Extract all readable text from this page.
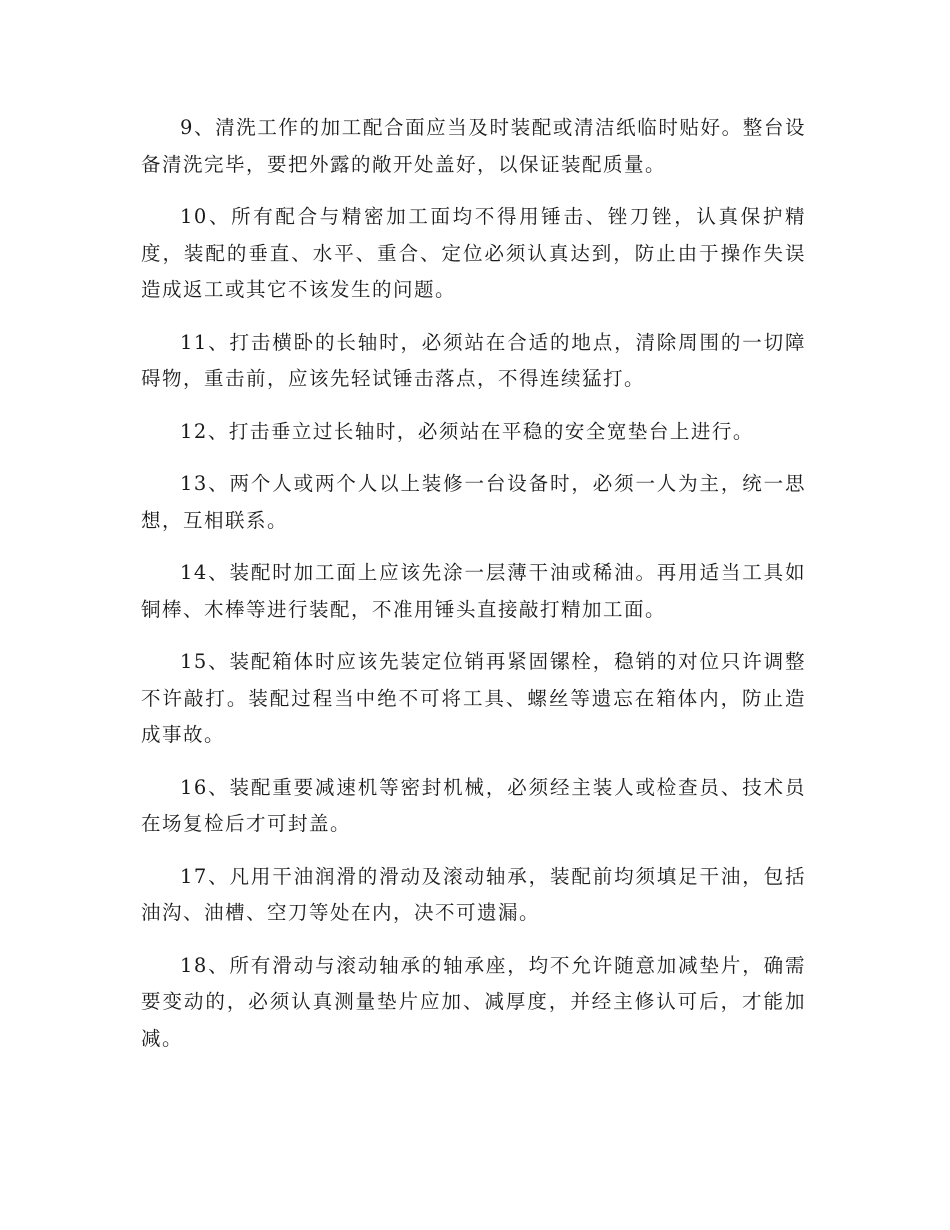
9、清洗工作的加工配合面应当及时装配或清洁纸临时贴好。整台设备清洗完毕，要把外露的敞开处盖好，以保证装配质量。

10、所有配合与精密加工面均不得用锤击、锉刀锉，认真保护精度，装配的垂直、水平、重合、定位必须认真达到，防止由于操作失误造成返工或其它不该发生的问题。

11、打击横卧的长轴时，必须站在合适的地点，清除周围的一切障碍物，重击前，应该先轻试锤击落点，不得连续猛打。

12、打击垂立过长轴时，必须站在平稳的安全宽垫台上进行。

13、两个人或两个人以上装修一台设备时，必须一人为主，统一思想，互相联系。

14、装配时加工面上应该先涂一层薄干油或稀油。再用适当工具如铜棒、木棒等进行装配，不准用锤头直接敲打精加工面。

15、装配箱体时应该先装定位销再紧固镙栓，稳销的对位只许调整不许敲打。装配过程当中绝不可将工具、螺丝等遗忘在箱体内，防止造成事故。

16、装配重要减速机等密封机械，必须经主装人或检查员、技术员在场复检后才可封盖。

17、凡用干油润滑的滑动及滚动轴承，装配前均须填足干油，包括油沟、油槽、空刀等处在内，决不可遗漏。

18、所有滑动与滚动轴承的轴承座，均不允许随意加减垫片，确需要变动的，必须认真测量垫片应加、减厚度，并经主修认可后，才能加减。
